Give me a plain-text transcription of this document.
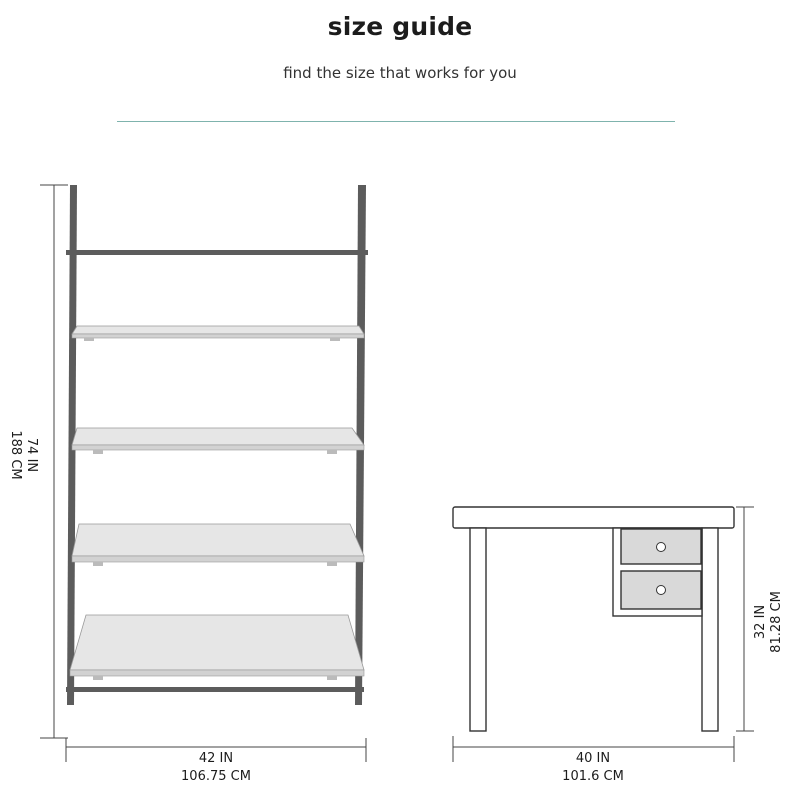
size guide
find the size that works for you
74 IN
188 CM
42 IN
106.75 CM
40 IN
101.6 CM
32 IN 81.28 CM
